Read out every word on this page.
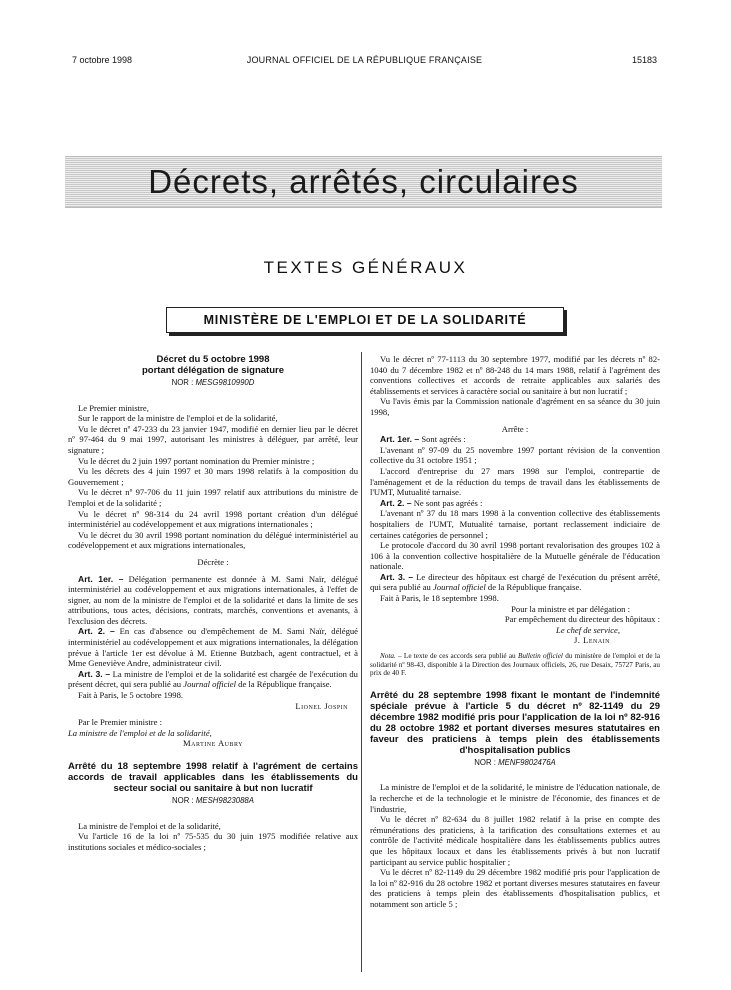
7 octobre 1998	JOURNAL OFFICIEL DE LA RÉPUBLIQUE FRANÇAISE	15183
Décrets, arrêtés, circulaires
TEXTES GÉNÉRAUX
MINISTÈRE DE L'EMPLOI ET DE LA SOLIDARITÉ
Décret du 5 octobre 1998
portant délégation de signature
NOR : MESG9810990D

Le Premier ministre,

Sur le rapport de la ministre de l'emploi et de la solidarité,

Vu le décret nº 47-233 du 23 janvier 1947, modifié en dernier lieu par le décret nº 97-464 du 9 mai 1997, autorisant les ministres à déléguer, par arrêté, leur signature ;

Vu le décret du 2 juin 1997 portant nomination du Premier ministre ;

Vu les décrets des 4 juin 1997 et 30 mars 1998 relatifs à la composition du Gouvernement ;

Vu le décret nº 97-706 du 11 juin 1997 relatif aux attributions du ministre de l'emploi et de la solidarité ;

Vu le décret nº 98-314 du 24 avril 1998 portant création d'un délégué interministériel au codéveloppement et aux migrations internationales ;

Vu le décret du 30 avril 1998 portant nomination du délégué interministériel au codéveloppement et aux migrations internationales,

Décrète :

Art. 1er. – Délégation permanente est donnée à M. Sami Naïr, délégué interministériel au codéveloppement et aux migrations internationales, à l'effet de signer, au nom de la ministre de l'emploi et de la solidarité et dans la limite de ses attributions, tous actes, décisions, contrats, marchés, conventions et avenants, à l'exclusion des décrets.

Art. 2. – En cas d'absence ou d'empêchement de M. Sami Naïr, délégué interministériel au codéveloppement et aux migrations internationales, la délégation prévue à l'article 1er est dévolue à M. Etienne Butzbach, agent contractuel, et à Mme Geneviève Andre, administrateur civil.

Art. 3. – La ministre de l'emploi et de la solidarité est chargée de l'exécution du présent décret, qui sera publié au Journal officiel de la République française.

Fait à Paris, le 5 octobre 1998.

Lionel Jospin

Par le Premier ministre :

La ministre de l'emploi et de la solidarité,

Martine Aubry

Arrêté du 18 septembre 1998 relatif à l'agrément de certains accords de travail applicables dans les établissements du secteur social ou sanitaire à but non lucratif
NOR : MESH9823088A

La ministre de l'emploi et de la solidarité,

Vu l'article 16 de la loi nº 75-535 du 30 juin 1975 modifiée relative aux institutions sociales et médico-sociales ;

Vu le décret nº 77-1113 du 30 septembre 1977, modifié par les décrets nº 82-1040 du 7 décembre 1982 et nº 88-248 du 14 mars 1988, relatif à l'agrément des conventions collectives et accords de retraite applicables aux salariés des établissements et services à caractère social ou sanitaire à but non lucratif ;

Vu l'avis émis par la Commission nationale d'agrément en sa séance du 30 juin 1998,

Arrête :

Art. 1er. – Sont agréés :

L'avenant nº 97-09 du 25 novembre 1997 portant révision de la convention collective du 31 octobre 1951 ;

L'accord d'entreprise du 27 mars 1998 sur l'emploi, contrepartie de l'aménagement et de la réduction du temps de travail dans les établissements de l'UMT, Mutualité tarnaise.

Art. 2. – Ne sont pas agréés :

L'avenant nº 37 du 18 mars 1998 à la convention collective des établissements hospitaliers de l'UMT, Mutualité tarnaise, portant reclassement indiciaire de certaines catégories de personnel ;

Le protocole d'accord du 30 avril 1998 portant revalorisation des groupes 102 à 106 à la convention collective hospitalière de la Mutuelle générale de l'éducation nationale.

Art. 3. – Le directeur des hôpitaux est chargé de l'exécution du présent arrêté, qui sera publié au Journal officiel de la République française.

Fait à Paris, le 18 septembre 1998.

Pour la ministre et par délégation :

Par empêchement du directeur des hôpitaux :

Le chef de service,

J. Lenain

Nota. – Le texte de ces accords sera publié au Bulletin officiel du ministère de l'emploi et de la solidarité nº 98-43, disponible à la Direction des Journaux officiels, 26, rue Desaix, 75727 Paris, au prix de 40 F.

Arrêté du 28 septembre 1998 fixant le montant de l'indemnité spéciale prévue à l'article 5 du décret nº 82-1149 du 29 décembre 1982 modifié pris pour l'application de la loi nº 82-916 du 28 octobre 1982 et portant diverses mesures statutaires en faveur des praticiens à temps plein des établissements d'hospitalisation publics
NOR : MENF9802476A

La ministre de l'emploi et de la solidarité, le ministre de l'éducation nationale, de la recherche et de la technologie et le ministre de l'économie, des finances et de l'industrie,

Vu le décret nº 82-634 du 8 juillet 1982 relatif à la prise en compte des rémunérations des praticiens, à la tarification des consultations externes et au contrôle de l'activité médicale hospitalière dans les établissements publics autres que les hôpitaux locaux et dans les établissements privés à but non lucratif participant au service public hospitalier ;

Vu le décret nº 82-1149 du 29 décembre 1982 modifié pris pour l'application de la loi nº 82-916 du 28 octobre 1982 et portant diverses mesures statutaires en faveur des praticiens à temps plein des établissements d'hospitalisation publics, et notamment son article 5 ;
